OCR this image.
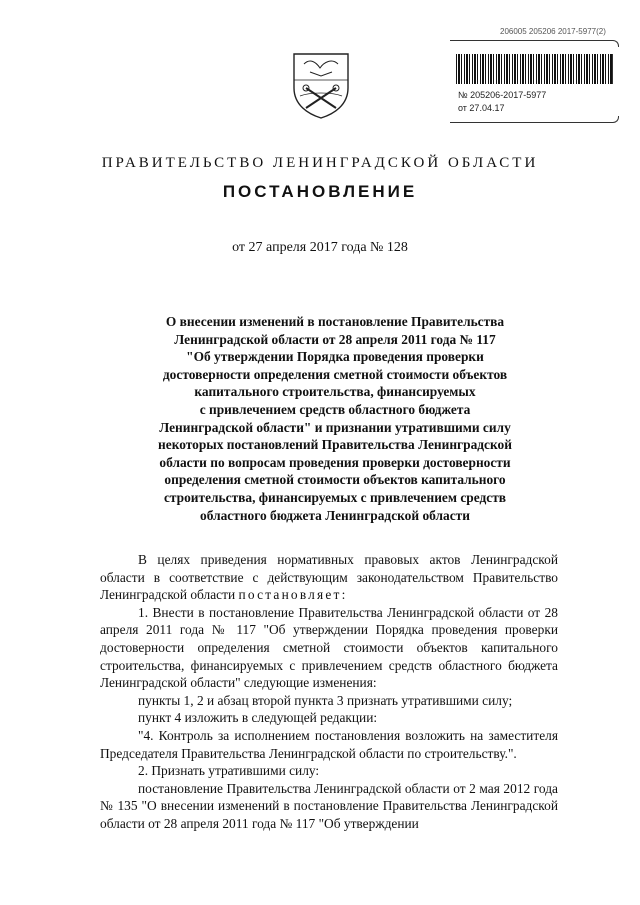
206005 205206 2017-5977(2)
№ 205206-2017-5977
от 27.04.17
ПРАВИТЕЛЬСТВО ЛЕНИНГРАДСКОЙ ОБЛАСТИ
ПОСТАНОВЛЕНИЕ
от 27 апреля 2017 года № 128
О внесении изменений в постановление Правительства
Ленинградской области от 28 апреля 2011 года № 117
"Об утверждении Порядка проведения проверки
достоверности определения сметной стоимости объектов
капитального строительства, финансируемых
с привлечением средств областного бюджета
Ленинградской области" и признании утратившими силу
некоторых постановлений Правительства Ленинградской
области по вопросам проведения проверки достоверности
определения сметной стоимости объектов капитального
строительства, финансируемых с привлечением средств
областного бюджета Ленинградской области

В целях приведения нормативных правовых актов Ленинградской области в соответствие с действующим законодательством Правительство Ленинградской области постановляет:

1. Внести в постановление Правительства Ленинградской области от 28 апреля 2011 года № 117 "Об утверждении Порядка проведения проверки достоверности определения сметной стоимости объектов капитального строительства, финансируемых с привлечением средств областного бюджета Ленинградской области" следующие изменения:

пункты 1, 2 и абзац второй пункта 3 признать утратившими силу;

пункт 4 изложить в следующей редакции:

"4. Контроль за исполнением постановления возложить на заместителя Председателя Правительства Ленинградской области по строительству.".

2. Признать утратившими силу:

постановление Правительства Ленинградской области от 2 мая 2012 года № 135 "О внесении изменений в постановление Правительства Ленинградской области от 28 апреля 2011 года № 117 "Об утверждении
